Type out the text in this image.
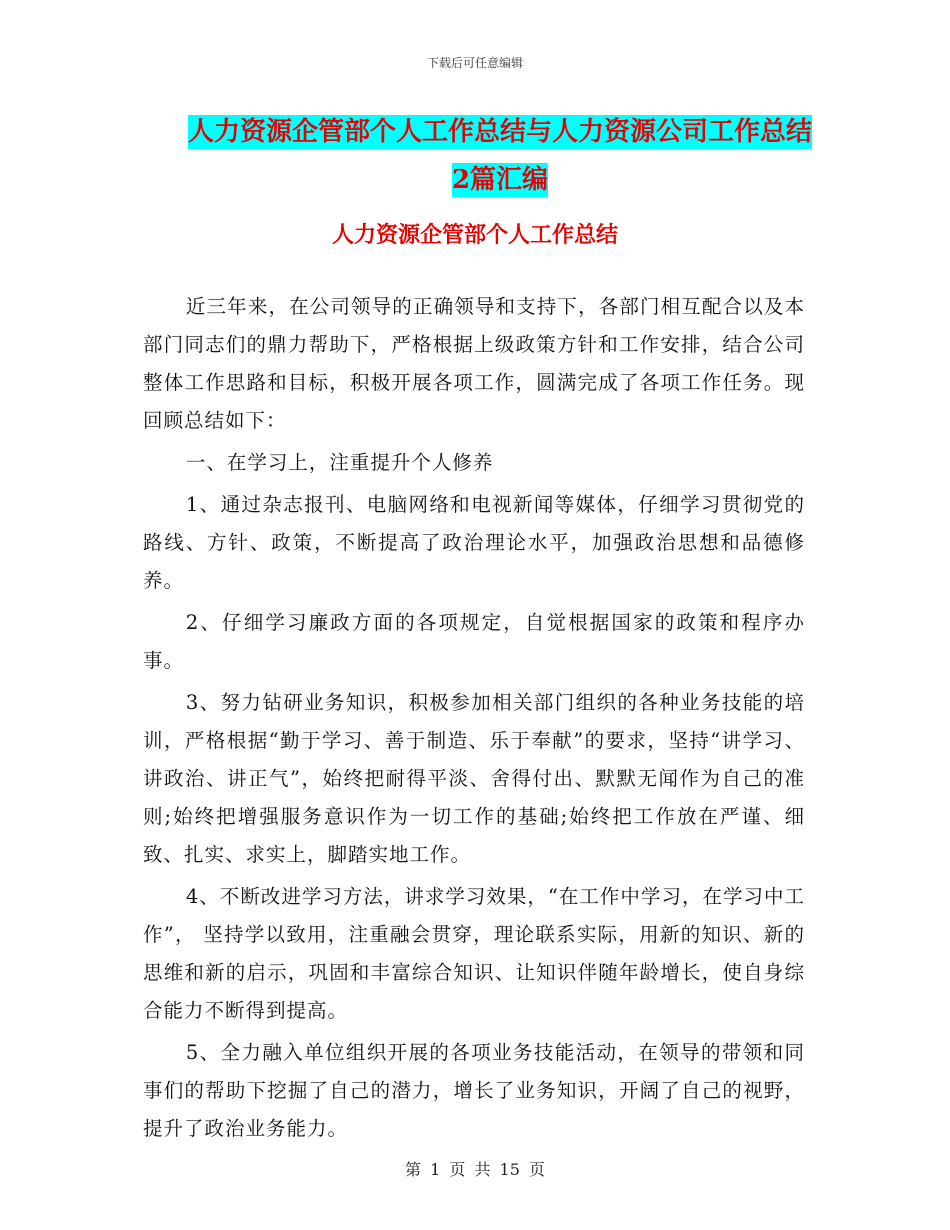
下载后可任意编辑
人力资源企管部个人工作总结与人力资源公司工作总结2篇汇编
人力资源企管部个人工作总结

近三年来，在公司领导的正确领导和支持下，各部门相互配合以及本部门同志们的鼎力帮助下，严格根据上级政策方针和工作安排，结合公司整体工作思路和目标，积极开展各项工作，圆满完成了各项工作任务。现回顾总结如下：

一、在学习上，注重提升个人修养

1、通过杂志报刊、电脑网络和电视新闻等媒体，仔细学习贯彻党的路线、方针、政策，不断提高了政治理论水平，加强政治思想和品德修养。

2、仔细学习廉政方面的各项规定，自觉根据国家的政策和程序办事。

3、努力钻研业务知识，积极参加相关部门组织的各种业务技能的培训，严格根据“勤于学习、善于制造、乐于奉献”的要求，坚持“讲学习、讲政治、讲正气”，始终把耐得平淡、舍得付出、默默无闻作为自己的准则;始终把增强服务意识作为一切工作的基础;始终把工作放在严谨、细致、扎实、求实上，脚踏实地工作。

4、不断改进学习方法，讲求学习效果，“在工作中学习，在学习中工作”， 坚持学以致用，注重融会贯穿，理论联系实际，用新的知识、新的思维和新的启示，巩固和丰富综合知识、让知识伴随年龄增长，使自身综合能力不断得到提高。

5、全力融入单位组织开展的各项业务技能活动，在领导的带领和同事们的帮助下挖掘了自己的潜力，增长了业务知识，开阔了自己的视野，提升了政治业务能力。

第 1 页 共 15 页
